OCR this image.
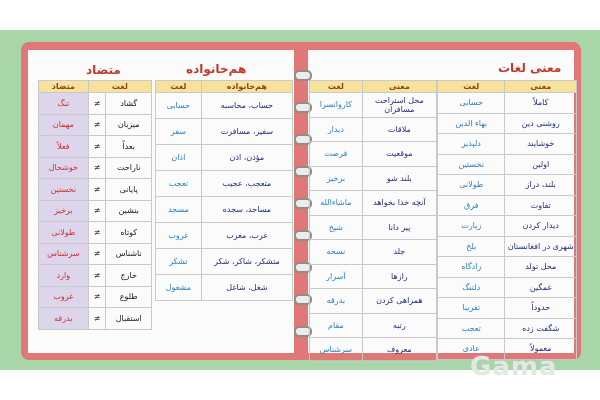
معنی لغات
هم‌خانواده
متضاد
معنی	لغت
کاملاً	حسابی
روشنی دین	بهاء الدین
خوشایند	دلپذیر
اولین	نخستین
بلند، دراز	طولانی
تفاوت	فرق
دیدار کردن	زیارت
شهری در افغانستان	بلخ
محل تولد	زادگاه
غمگین	دلتنگ
حدوداً	تقریبا
شگفت زده	تعجب
معمولاً	عادی
معنی	لغت
محل استراحت مسافران	کاروانسرا
ملاقات	دیدار
موقعیت	فرصت
بلند شو	برخیز
آنچه خدا بخواهد	ماشاءالله
پیر دانا	شیخ
جلد	نسخه
رازها	آسرار
همراهی کردن	بدرقه
رتبه	مقام
معروف	سرشناس
هم‌خانواده	لغت
حساب، محاسبه	حسابی
سفیر، مسافرت	سفر
مؤذن، اذن	اذان
متعجب، عجیب	تعجب
مساجد، سجده	مسجد
غرب، مغرب	غروب
متشکر، شاکر، شکر	تشکر
شغل، شاغل	مشغول
لغت		متضاد
گشاد	≠	تنگ
میزبان	≠	مهمان
بعداً	≠	فعلاً
ناراحت	≠	خوشحال
پایانی	≠	نخستین
بنشین	≠	برخیز
کوتاه	≠	طولانی
ناشناس	≠	سرشناس
خارج	≠	وارد
طلوع	≠	غروب
استقبال	≠	بدرقه
Gama
